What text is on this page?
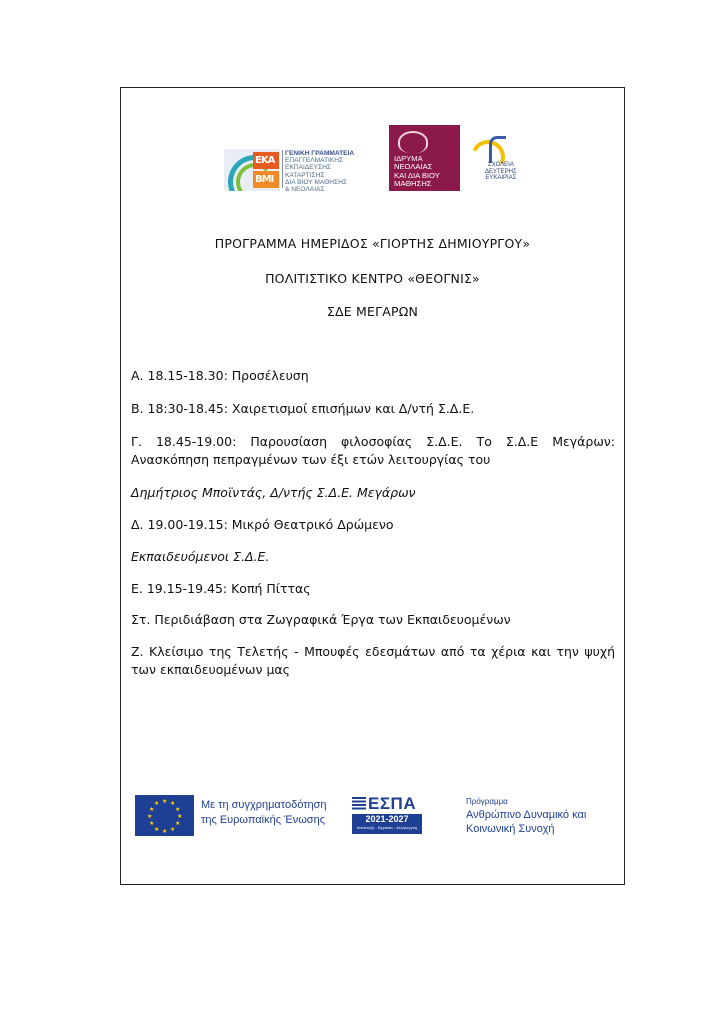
ΕΚΑ
ΒΜΙ
ΓΕΝΙΚΗ ΓΡΑΜΜΑΤΕΙΑ
ΕΠΑΓΓΕΛΜΑΤΙΚΗΣ ΕΚΠΑΙΔΕΥΣΗΣ
ΚΑΤΑΡΤΙΣΗΣ
ΔΙΑ ΒΙΟΥ ΜΑΘΗΣΗΣ
& ΝΕΟΛΑΙΑΣ
ΙΔΡΥΜΑ
ΝΕΟΛΑΙΑΣ
ΚΑΙ ΔΙΑ ΒΙΟΥ
ΜΑΘΗΣΗΣ
ΣΧΟΛΕΙΑ
ΔΕΥΤΕΡΗΣ
ΕΥΚΑΙΡΙΑΣ
ΠΡΟΓΡΑΜΜΑ ΗΜΕΡΙΔΟΣ «ΓΙΟΡΤΗΣ ΔΗΜΙΟΥΡΓΟΥ»
ΠΟΛΙΤΙΣΤΙΚΟ ΚΕΝΤΡΟ «ΘΕΟΓΝΙΣ»
ΣΔΕ ΜΕΓΑΡΩΝ
Α. 18.15-18.30: Προσέλευση
Β. 18:30-18.45: Χαιρετισμοί επισήμων και Δ/ντή Σ.Δ.Ε.
Γ. 18.45-19.00: Παρουσίαση φιλοσοφίας Σ.Δ.Ε. Το Σ.Δ.Ε Μεγάρων: Ανασκόπηση πεπραγμένων των έξι ετών λειτουργίας του
Δημήτριος Μποϊντάς, Δ/ντής Σ.Δ.Ε. Μεγάρων
Δ. 19.00-19.15: Μικρό Θεατρικό Δρώμενο
Εκπαιδευόμενοι Σ.Δ.Ε.
Ε. 19.15-19.45: Κοπή Πίττας
Στ. Περιδιάβαση στα Ζωγραφικά Έργα των Εκπαιδευομένων
Ζ. Κλείσιμο της Τελετής - Μπουφές εδεσμάτων από τα χέρια και την ψυχή των εκπαιδευομένων μας
★ ★
★
★
★
★
★
★
★
★
★
★	Με τη συγχρηματοδότηση
της Ευρωπαϊκής Ένωσης
ΕΣΠΑ
2021-2027
Ανάπτυξη - Εργασία - Αλληλεγγύη
Πρόγραμμα
Ανθρώπινο Δυναμικό και
Κοινωνική Συνοχή
